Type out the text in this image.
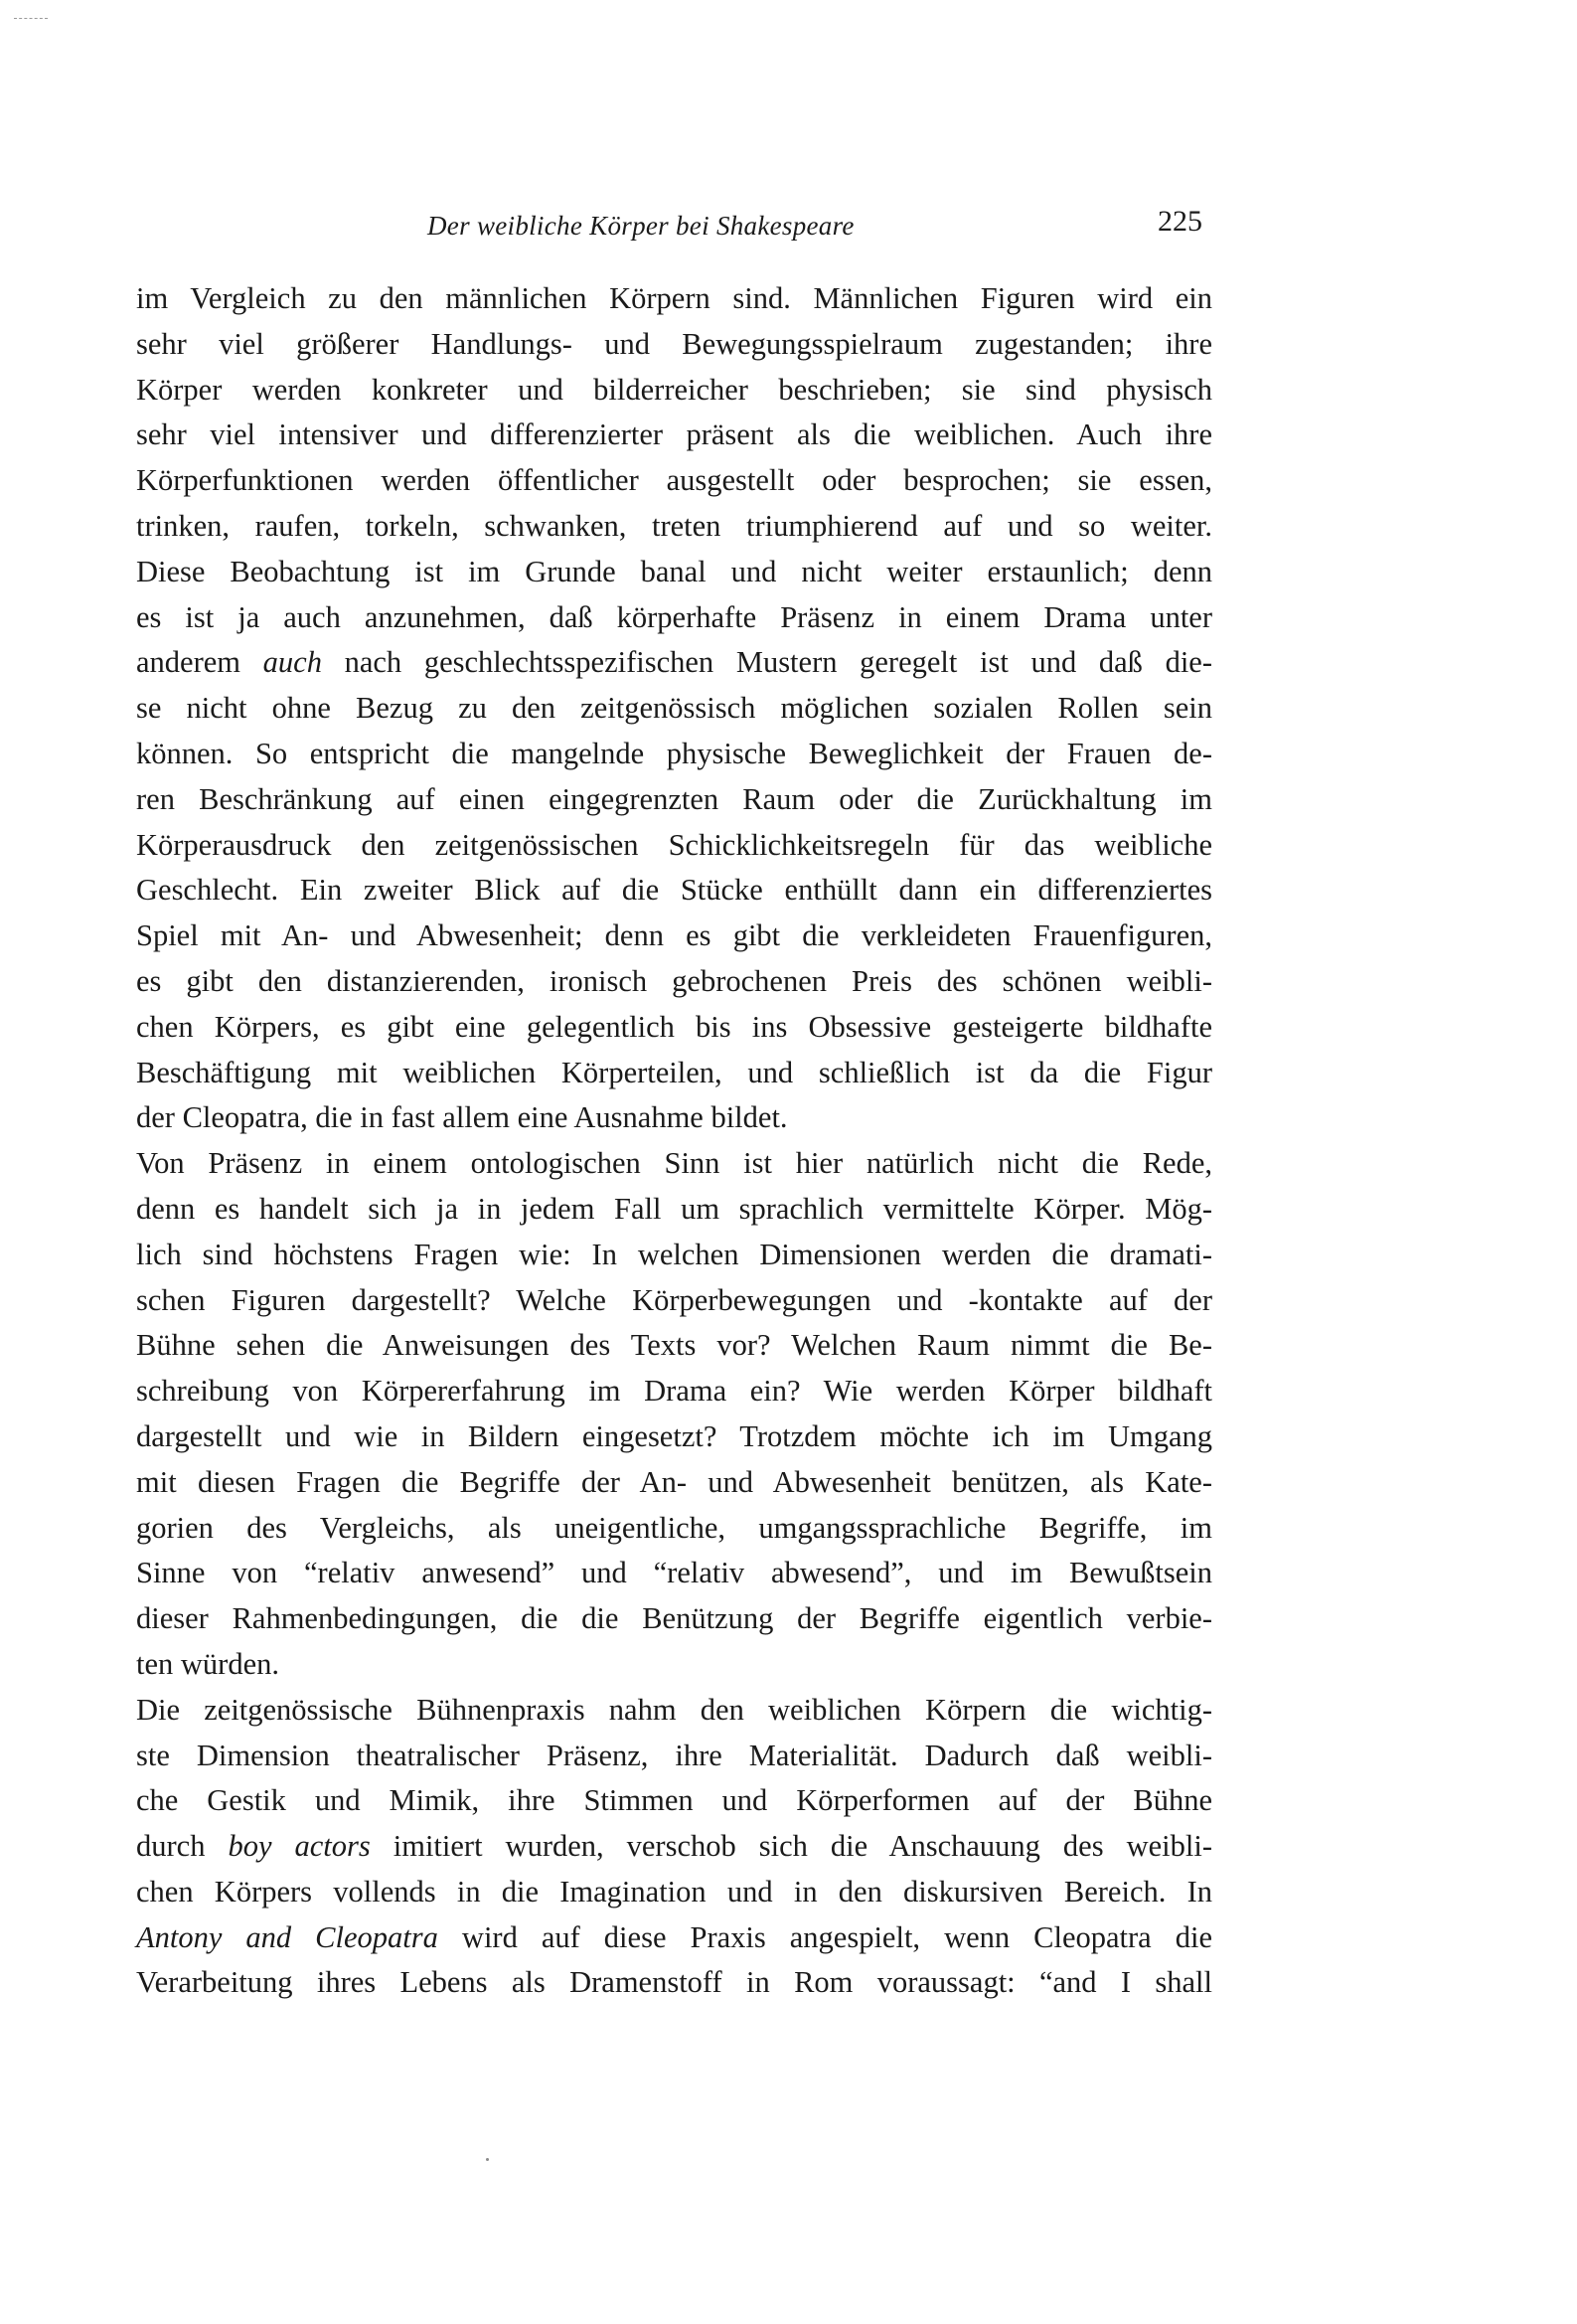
Der weibliche Körper bei Shakespeare	225
im Vergleich zu den männlichen Körpern sind. Männlichen Figuren wird ein
sehr viel größerer Handlungs- und Bewegungsspielraum zugestanden; ihre
Körper werden konkreter und bilderreicher beschrieben; sie sind physisch
sehr viel intensiver und differenzierter präsent als die weiblichen. Auch ihre
Körperfunktionen werden öffentlicher ausgestellt oder besprochen; sie essen,
trinken, raufen, torkeln, schwanken, treten triumphierend auf und so weiter.
Diese Beobachtung ist im Grunde banal und nicht weiter erstaunlich; denn
es ist ja auch anzunehmen, daß körperhafte Präsenz in einem Drama unter
anderem auch nach geschlechtsspezifischen Mustern geregelt ist und daß die-
se nicht ohne Bezug zu den zeitgenössisch möglichen sozialen Rollen sein
können. So entspricht die mangelnde physische Beweglichkeit der Frauen de-
ren Beschränkung auf einen eingegrenzten Raum oder die Zurückhaltung im
Körperausdruck den zeitgenössischen Schicklichkeitsregeln für das weibliche
Geschlecht. Ein zweiter Blick auf die Stücke enthüllt dann ein differenziertes
Spiel mit An- und Abwesenheit; denn es gibt die verkleideten Frauenfiguren,
es gibt den distanzierenden, ironisch gebrochenen Preis des schönen weibli-
chen Körpers, es gibt eine gelegentlich bis ins Obsessive gesteigerte bildhafte
Beschäftigung mit weiblichen Körperteilen, und schließlich ist da die Figur
der Cleopatra, die in fast allem eine Ausnahme bildet.
Von Präsenz in einem ontologischen Sinn ist hier natürlich nicht die Rede,
denn es handelt sich ja in jedem Fall um sprachlich vermittelte Körper. Mög-
lich sind höchstens Fragen wie: In welchen Dimensionen werden die dramati-
schen Figuren dargestellt? Welche Körperbewegungen und -kontakte auf der
Bühne sehen die Anweisungen des Texts vor? Welchen Raum nimmt die Be-
schreibung von Körpererfahrung im Drama ein? Wie werden Körper bildhaft
dargestellt und wie in Bildern eingesetzt? Trotzdem möchte ich im Umgang
mit diesen Fragen die Begriffe der An- und Abwesenheit benützen, als Kate-
gorien des Vergleichs, als uneigentliche, umgangssprachliche Begriffe, im
Sinne von “relativ anwesend” und “relativ abwesend”, und im Bewußtsein
dieser Rahmenbedingungen, die die Benützung der Begriffe eigentlich verbie-
ten würden.
Die zeitgenössische Bühnenpraxis nahm den weiblichen Körpern die wichtig-
ste Dimension theatralischer Präsenz, ihre Materialität. Dadurch daß weibli-
che Gestik und Mimik, ihre Stimmen und Körperformen auf der Bühne
durch boy actors imitiert wurden, verschob sich die Anschauung des weibli-
chen Körpers vollends in die Imagination und in den diskursiven Bereich. In
Antony and Cleopatra wird auf diese Praxis angespielt, wenn Cleopatra die
Verarbeitung ihres Lebens als Dramenstoff in Rom voraussagt: “and I shall
